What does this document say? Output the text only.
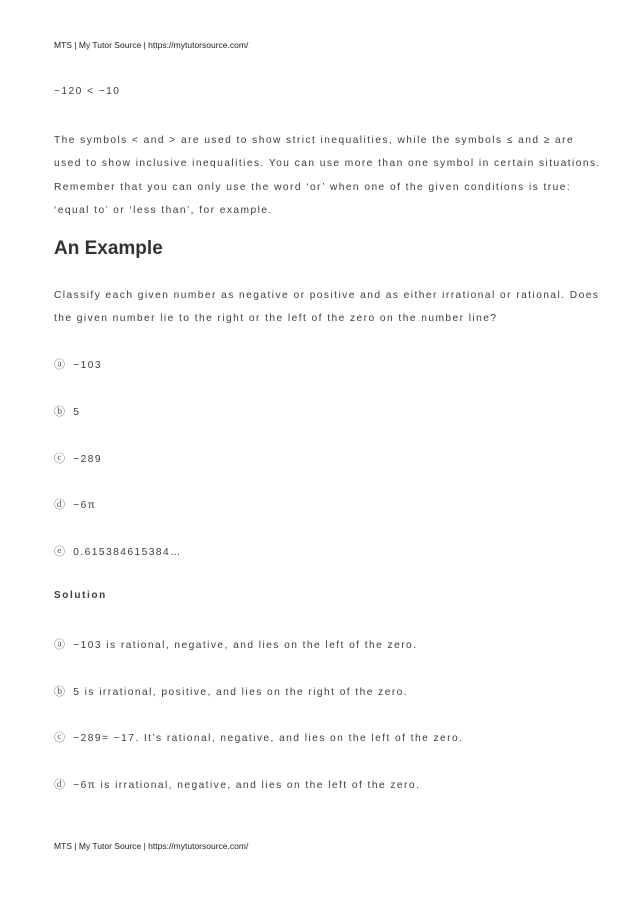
MTS | My Tutor Source | https://mytutorsource.com/
−120 < −10
The symbols < and > are used to show strict inequalities, while the symbols ≤ and ≥ are
used to show inclusive inequalities. You can use more than one symbol in certain situations.
Remember that you can only use the word ‘or’ when one of the given conditions is true:
‘equal to’ or ‘less than’, for example.
An Example
Classify each given number as negative or positive and as either irrational or rational. Does
the given number lie to the right or the left of the zero on the number line?
ⓐ −103
ⓑ 5
ⓒ −289
ⓓ −6π
ⓔ 0.615384615384…
Solution
ⓐ −103 is rational, negative, and lies on the left of the zero.
ⓑ 5 is irrational, positive, and lies on the right of the zero.
ⓒ −289= −17. It’s rational, negative, and lies on the left of the zero.
ⓓ −6π is irrational, negative, and lies on the left of the zero.
MTS | My Tutor Source | https://mytutorsource.com/
